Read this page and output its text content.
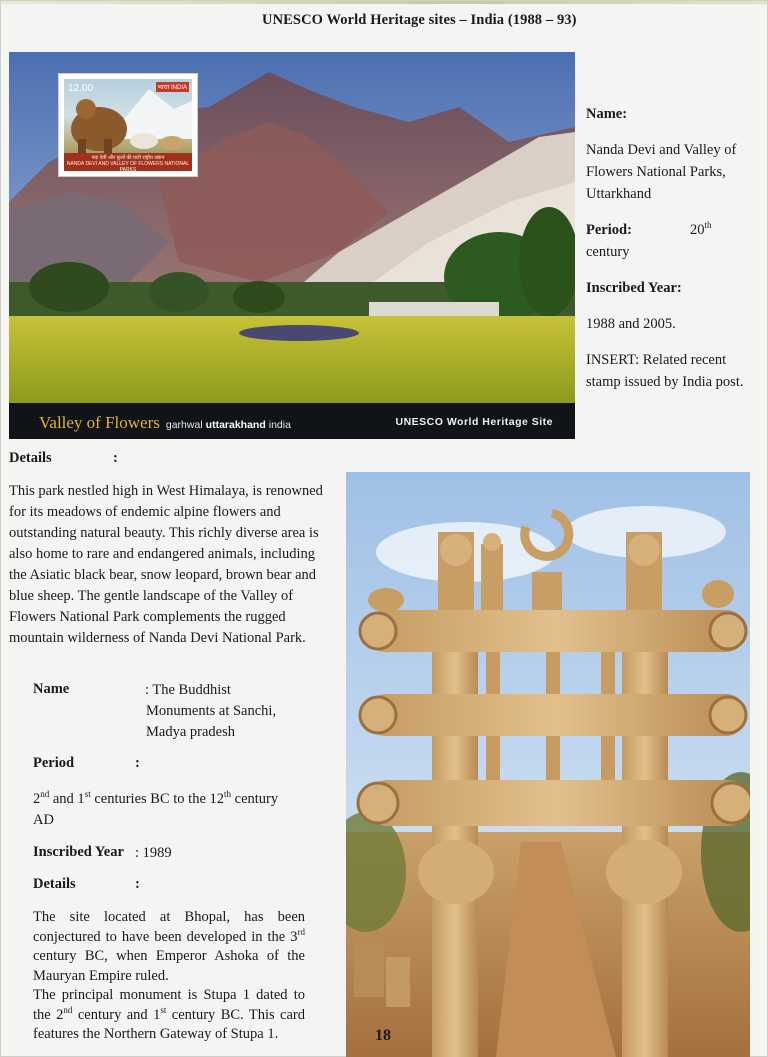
UNESCO World Heritage sites – India (1988 – 93)
12.00	भारत INDIA
नंदा देवी और फूलों की घाटी राष्ट्रीय उद्यान
NANDA DEVI AND VALLEY OF FLOWERS NATIONAL PARKS
Valley of Flowers garhwal uttarakhand india	UNESCO World Heritage Site
Name:
Nanda Devi and Valley of Flowers National Parks, Uttarkhand
Period:	20th
century
Inscribed Year:
1988 and 2005.
INSERT: Related recent stamp issued by India post.
Details	:
This park nestled high in West Himalaya, is renowned for its meadows of endemic alpine flowers and outstanding natural beauty. This richly diverse area is also home to rare and endangered animals, including the Asiatic black bear, snow leopard, brown bear and blue sheep. The gentle landscape of the Valley of Flowers National Park complements the rugged mountain wilderness of Nanda Devi National Park.
Name	: The Buddhist
Monuments at Sanchi,
Madya pradesh
Period	:
2nd and 1st centuries BC to the 12th century
AD
Inscribed Year : 1989
Details	:
The site located at Bhopal, has been conjectured to have been developed in the 3rd century BC, when Emperor Ashoka of the Mauryan Empire ruled.
The principal monument is Stupa 1 dated to the 2nd century and 1st century BC. This card features the Northern Gateway of Stupa 1.	18
